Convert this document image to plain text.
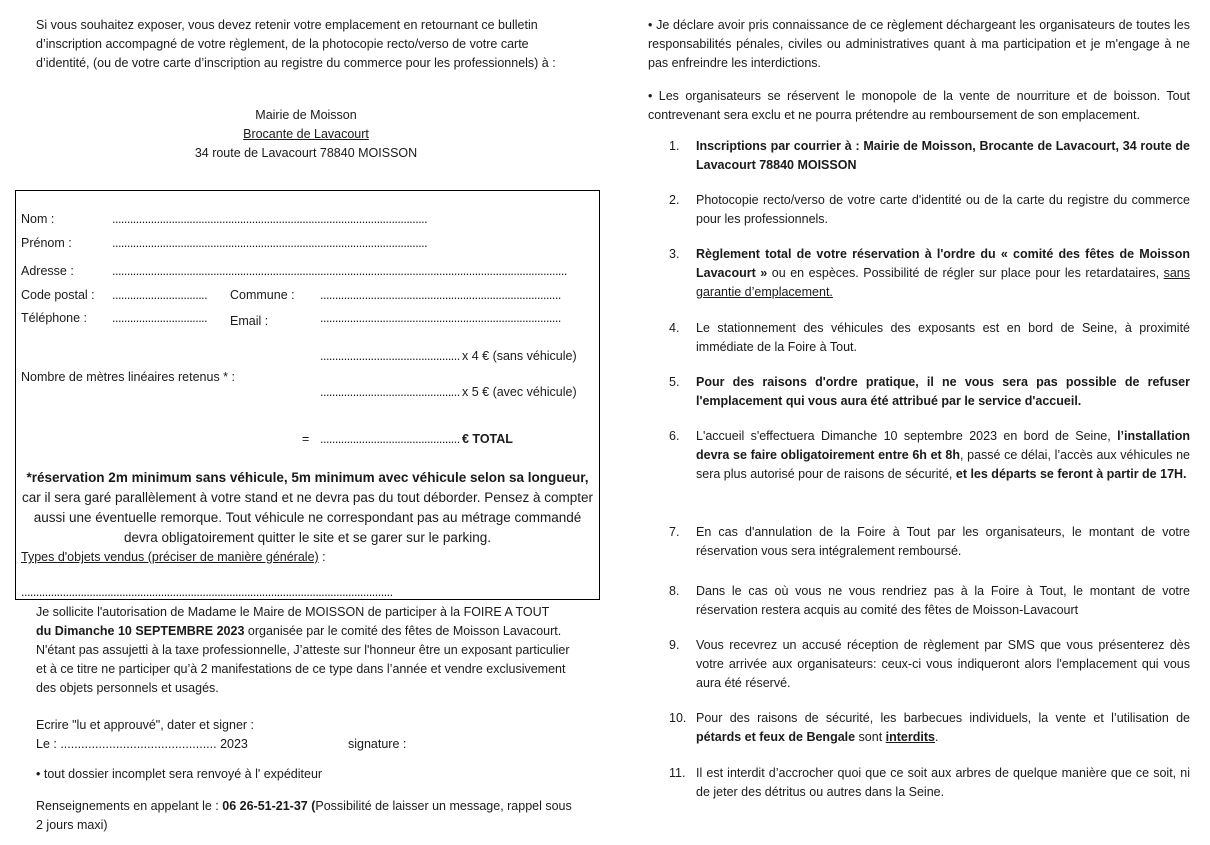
Si vous souhaitez exposer, vous devez retenir votre emplacement en retournant ce bulletin d’inscription accompagné de votre règlement, de la photocopie recto/verso de votre carte d’identité, (ou de votre carte d’inscription au registre du commerce pour les professionnels) à :

Mairie de Moisson

Brocante de Lavacourt

34 route de Lavacourt 78840 MOISSON

Nom :	..........................................................................................................
Prénom :	..........................................................................................................
Adresse :	.........................................................................................................................................................
Code postal : ................................ Commune : .................................................................................
Téléphone : ................................	Email :	.................................................................................
............................................... x 4 € (sans véhicule)
Nombre de mètres linéaires retenus * :
............................................... x 5 € (avec véhicule)
= ............................................... € TOTAL

*réservation 2m minimum sans véhicule, 5m minimum avec véhicule selon sa longueur, car il sera garé parallèlement à votre stand et ne devra pas du tout déborder. Pensez à compter aussi une éventuelle remorque. Tout véhicule ne correspondant pas au métrage commandé devra obligatoirement quitter le site et se garer sur le parking.

Types d'objets vendus (préciser de manière générale) :
.............................................................................................................................

Je sollicite l'autorisation de Madame le Maire de MOISSON de participer à la FOIRE A TOUT

du Dimanche 10 SEPTEMBRE 2023 organisée par le comité des fêtes de Moisson Lavacourt.

N'étant pas assujetti à la taxe professionnelle, J’atteste sur l'honneur être un exposant particulier et à ce titre ne participer qu’à 2 manifestations de ce type dans l’année et vendre exclusivement des objets personnels et usagés.

Ecrire "lu et approuvé", dater et signer :

Le : ............................................. 2023	signature :

• tout dossier incomplet sera renvoyé à l' expéditeur

Renseignements en appelant le : 06 26-51-21-37 (Possibilité de laisser un message, rappel sous 2 jours maxi)

• Je déclare avoir pris connaissance de ce règlement déchargeant les organisateurs de toutes les responsabilités pénales, civiles ou administratives quant à ma participation et je m'engage à ne pas enfreindre les interdictions.

• Les organisateurs se réservent le monopole de la vente de nourriture et de boisson. Tout contrevenant sera exclu et ne pourra prétendre au remboursement de son emplacement.

1.	Inscriptions par courrier à : Mairie de Moisson, Brocante de Lavacourt, 34 route de Lavacourt 78840 MOISSON

2.	Photocopie recto/verso de votre carte d'identité ou de la carte du registre du commerce pour les professionnels.

3.	Règlement total de votre réservation à l'ordre du « comité des fêtes de Moisson Lavacourt » ou en espèces. Possibilité de régler sur place pour les retardataires, sans garantie d’emplacement.

4.	Le stationnement des véhicules des exposants est en bord de Seine, à proximité immédiate de la Foire à Tout.

5.	Pour des raisons d'ordre pratique, il ne vous sera pas possible de refuser l'emplacement qui vous aura été attribué par le service d'accueil.

6.	L'accueil s'effectuera Dimanche 10 septembre 2023 en bord de Seine, l’installation devra se faire obligatoirement entre 6h et 8h, passé ce délai, l’accès aux véhicules ne sera plus autorisé pour de raisons de sécurité, et les départs se feront à partir de 17H.

7.	En cas d'annulation de la Foire à Tout par les organisateurs, le montant de votre réservation vous sera intégralement remboursé.

8.	Dans le cas où vous ne vous rendriez pas à la Foire à Tout, le montant de votre réservation restera acquis au comité des fêtes de Moisson-Lavacourt

9.	Vous recevrez un accusé réception de règlement par SMS que vous présenterez dès votre arrivée aux organisateurs: ceux-ci vous indiqueront alors l'emplacement qui vous aura été réservé.

10. Pour des raisons de sécurité, les barbecues individuels, la vente et l’utilisation de pétards et feux de Bengale sont interdits.

11. Il est interdit d’accrocher quoi que ce soit aux arbres de quelque manière que ce soit, ni de jeter des détritus ou autres dans la Seine.
